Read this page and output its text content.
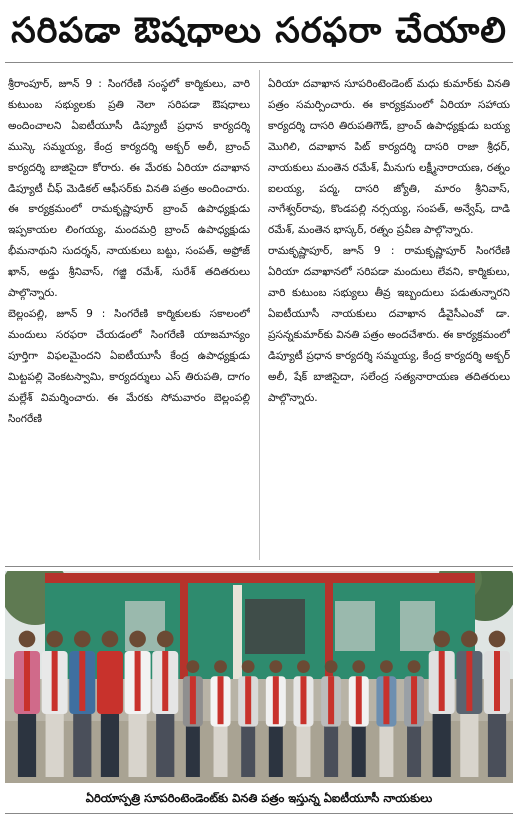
సరిపడా ఔషధాలు సరఫరా చేయాలి

శ్రీరాంపూర్, జూన్ 9 : సింగరేణి సంస్థలో కార్మికులు, వారి కుటుంబ సభ్యులకు ప్రతి నెలా సరిపడా ఔషధాలు అందించాలని ఏఐటీయూసీ డిప్యూటీ ప్రధాన కార్యదర్శి ముస్కె సమ్మయ్య, కేంద్ర కార్యదర్శి అక్బర్ అలీ, బ్రాంచ్ కార్యదర్శి బాజిసైదా కోరారు. ఈ మేరకు ఏరియా దవాఖాన డిప్యూటీ చీఫ్ మెడికల్ ఆఫీసర్‌కు వినతి పత్రం అందించారు. ఈ కార్యక్రమంలో రామకృష్ణాపూర్ బ్రాంచ్ ఉపాధ్యక్షుడు ఇప్పకాయల లింగయ్య, మందమర్రి బ్రాంచ్ ఉపాధ్యక్షుడు భీమనాథుని సుదర్శన్, నాయకులు బట్టు, సంపత్, అఫ్రోజ్ ఖాన్, అడ్డు శ్రీనివాస్, గజ్జి రమేశ్, సురేశ్ తదితరులు పాల్గొన్నారు.

బెల్లంపల్లి, జూన్ 9 : సింగరేణి కార్మికులకు సకాలంలో మందులు సరఫరా చేయడంలో సింగరేణి యాజమాన్యం పూర్తిగా విఫలమైందని ఏఐటీయూసీ కేంద్ర ఉపాధ్యక్షుడు మిట్టపల్లి వెంకటస్వామి, కార్యదర్శులు ఎస్ తిరుపతి, దాగం మల్లేశ్ విమర్శించారు. ఈ మేరకు సోమవారం బెల్లంపల్లి సింగరేణి

ఏరియా దవాఖాన సూపరింటెండెంట్ మధు కుమార్‌కు వినతి పత్రం సమర్పించారు. ఈ కార్యక్రమంలో ఏరియా సహాయ కార్యదర్శి దాసరి తిరుపతిగౌడ్, బ్రాంచ్ ఉపాధ్యక్షుడు బయ్య మొగిలి, దవాఖాన పిట్ కార్యదర్శి దాసరి రాజా శ్రీధర్, నాయకులు మంతెన రమేశ్, మీనుగు లక్ష్మీనారాయణ, రత్నం ఐలయ్య, పద్మ, దాసరి జ్యోతి, మారం శ్రీనివాస్, నాగేశ్వర్‌రావు, కొండపల్లి నర్సయ్య, సంపత్, అన్వేష్, దాడి రమేశ్, మంతెన భాస్కర్, రత్నం ప్రవీణ పాల్గొన్నారు.

రామకృష్ణాపూర్, జూన్ 9 : రామకృష్ణాపూర్ సింగరేణి ఏరియా దవాఖానలో సరిపడా మందులు లేవని, కార్మికులు, వారి కుటుంబ సభ్యులు తీవ్ర ఇబ్బందులు పడుతున్నారని ఏఐటీయూసీ నాయకులు దవాఖాన డీవైసీఎంవో డా. ప్రసన్నకుమార్‌కు వినతి పత్రం అందచేశారు. ఈ కార్యక్రమంలో డిప్యూటీ ప్రధాన కార్యదర్శి సమ్మయ్య, కేంద్ర కార్యదర్శి అక్బర్ అలీ, షేక్ బాజిసైదా, సలేంద్ర సత్యనారాయణ తదితరులు పాల్గొన్నారు.

ఏరియాస్పత్రి సూపరింటెండెంట్‌కు వినతి పత్రం ఇస్తున్న ఏఐటీయూసీ నాయకులు
